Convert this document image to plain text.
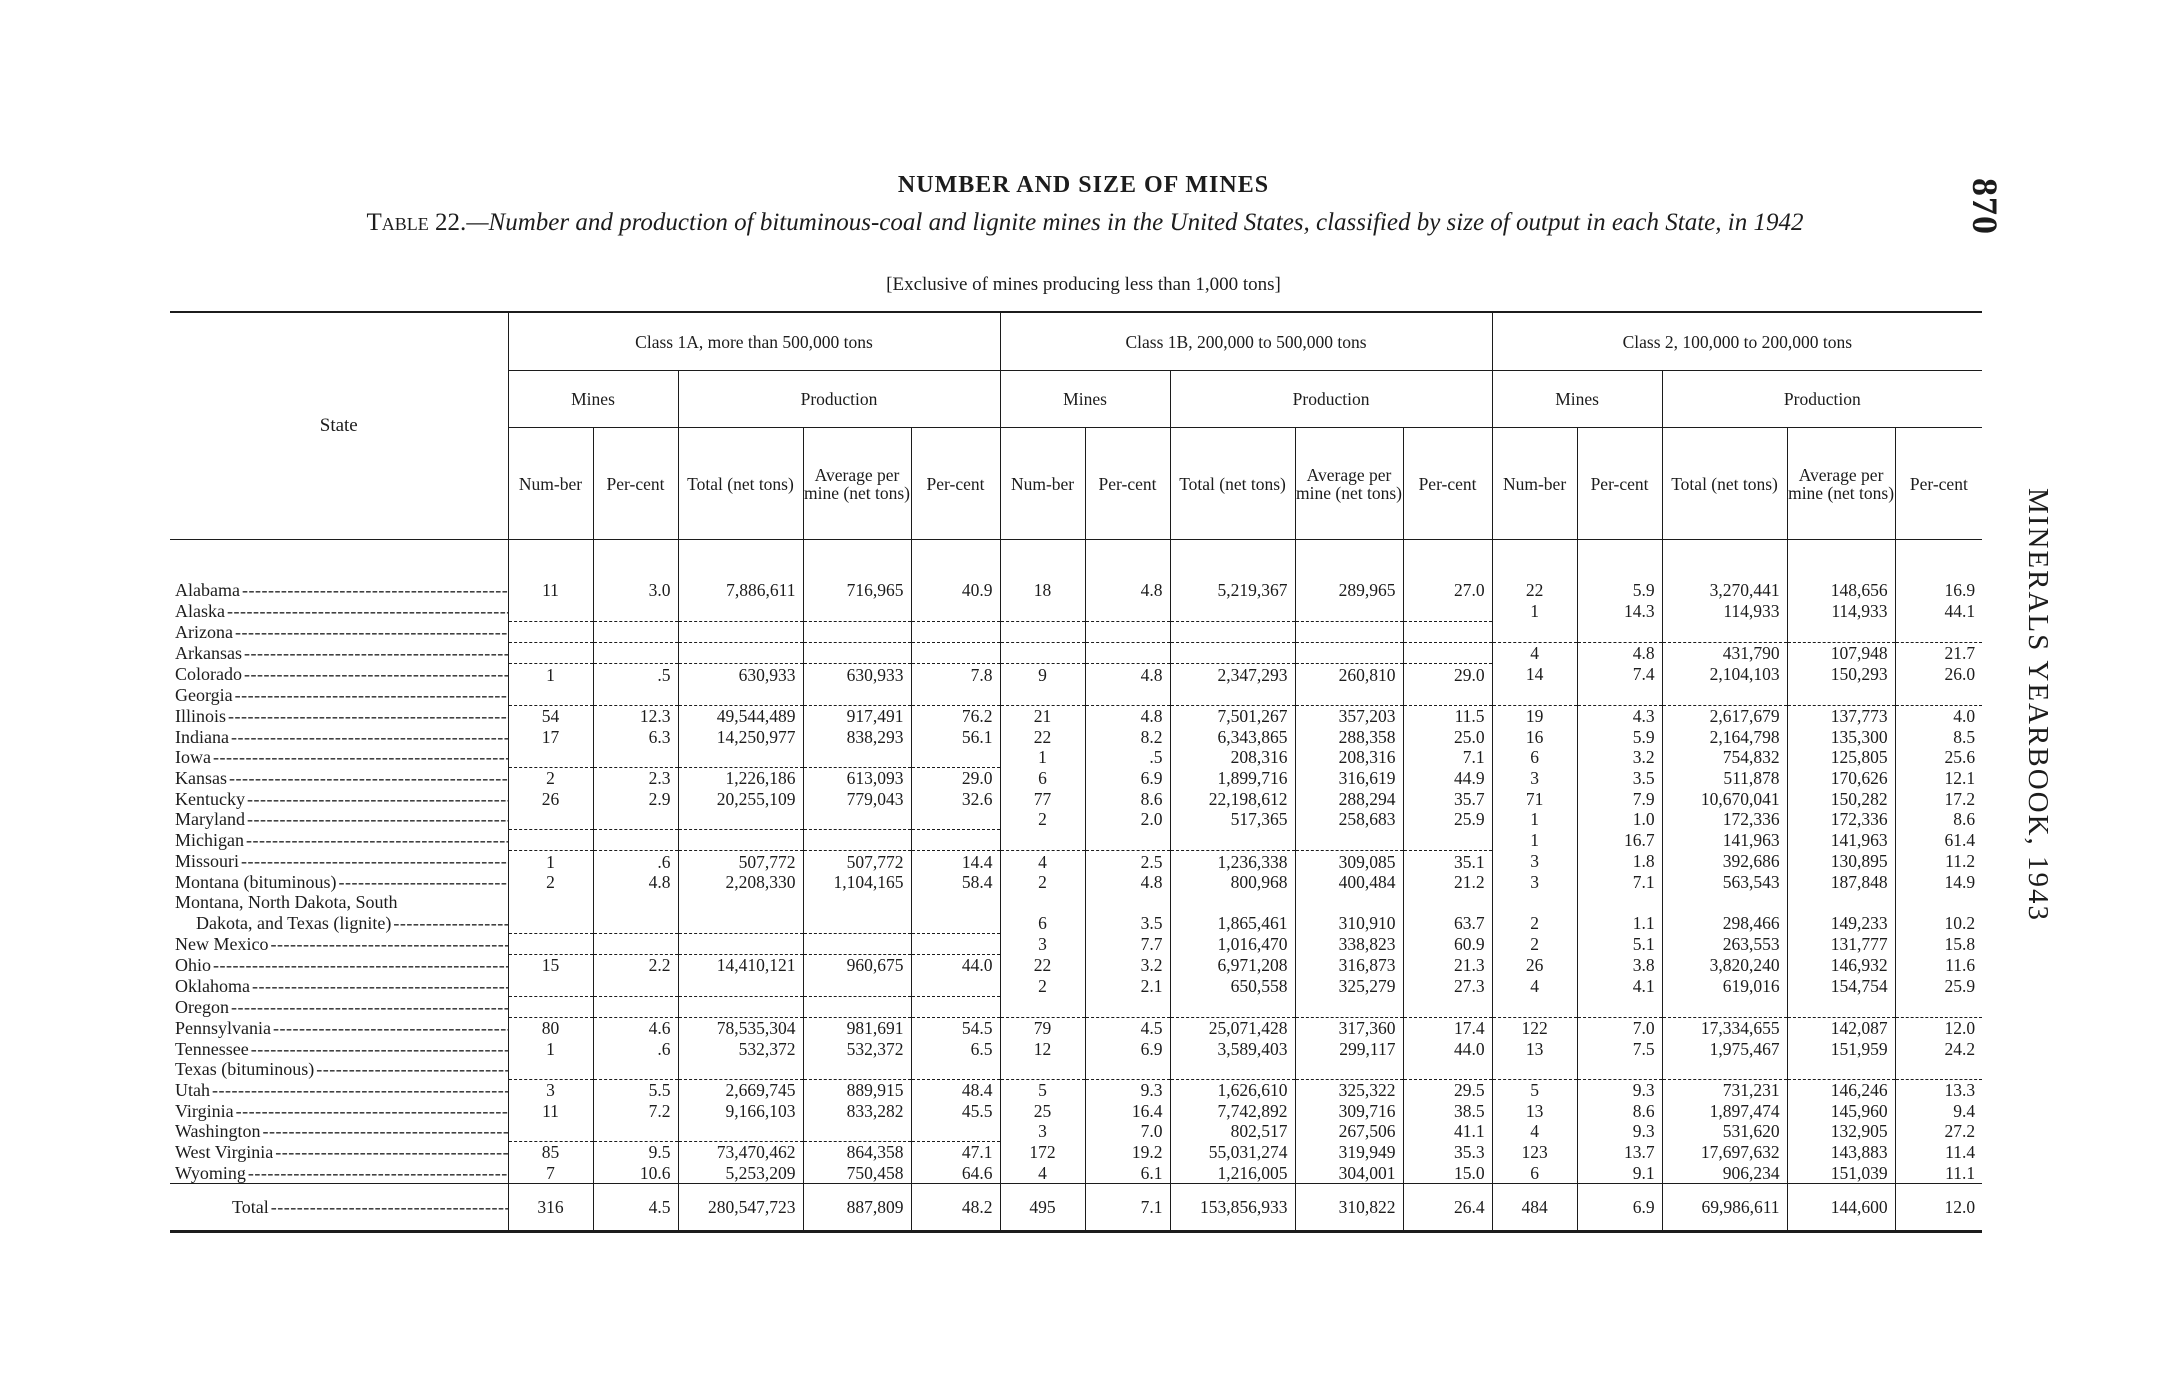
870
MINERALS YEARBOOK, 1943
NUMBER AND SIZE OF MINES
Table 22.—Number and production of bituminous-coal and lignite mines in the United States, classified by size of output in each State, in 1942
[Exclusive of mines producing less than 1,000 tons]
State	Class 1A, more than 500,000 tons					Class 1B, 200,000 to 500,000 tons					Class 2, 100,000 to 200,000 tons				
	Mines		Production			Mines		Production			Mines		Production		
	Num-ber	Per-cent	Total (net tons)	Average per mine (net tons)	Per-cent	Num-ber	Per-cent	Total (net tons)	Average per mine (net tons)	Per-cent	Num-ber	Per-cent	Total (net tons)	Average per mine (net tons)	Per-cent
Alabama -----	11	3.0	7,886,611	716,965	40.9	18	4.8	5,219,367	289,965	27.0	22	5.9	3,270,441	148,656	16.9
Alaska -----											1	14.3	114,933	114,933	44.1
Arizona -----															
Arkansas -----											4	4.8	431,790	107,948	21.7
Colorado -----	1	.5	630,933	630,933	7.8	9	4.8	2,347,293	260,810	29.0	14	7.4	2,104,103	150,293	26.0
Georgia -----															
Illinois -----	54	12.3	49,544,489	917,491	76.2	21	4.8	7,501,267	357,203	11.5	19	4.3	2,617,679	137,773	4.0
Indiana -----	17	6.3	14,250,977	838,293	56.1	22	8.2	6,343,865	288,358	25.0	16	5.9	2,164,798	135,300	8.5
Iowa -----						1	.5	208,316	208,316	7.1	6	3.2	754,832	125,805	25.6
Kansas -----	2	2.3	1,226,186	613,093	29.0	6	6.9	1,899,716	316,619	44.9	3	3.5	511,878	170,626	12.1
Kentucky -----	26	2.9	20,255,109	779,043	32.6	77	8.6	22,198,612	288,294	35.7	71	7.9	10,670,041	150,282	17.2
Maryland -----						2	2.0	517,365	258,683	25.9	1	1.0	172,336	172,336	8.6
Michigan -----											1	16.7	141,963	141,963	61.4
Missouri -----	1	.6	507,772	507,772	14.4	4	2.5	1,236,338	309,085	35.1	3	1.8	392,686	130,895	11.2
Montana (bituminous) -----	2	4.8	2,208,330	1,104,165	58.4	2	4.8	800,968	400,484	21.2	3	7.1	563,543	187,848	14.9
Montana, North Dakota, South															
Dakota, and Texas (lignite) -----						6	3.5	1,865,461	310,910	63.7	2	1.1	298,466	149,233	10.2
New Mexico -----						3	7.7	1,016,470	338,823	60.9	2	5.1	263,553	131,777	15.8
Ohio -----	15	2.2	14,410,121	960,675	44.0	22	3.2	6,971,208	316,873	21.3	26	3.8	3,820,240	146,932	11.6
Oklahoma -----						2	2.1	650,558	325,279	27.3	4	4.1	619,016	154,754	25.9
Oregon -----															
Pennsylvania -----	80	4.6	78,535,304	981,691	54.5	79	4.5	25,071,428	317,360	17.4	122	7.0	17,334,655	142,087	12.0
Tennessee -----	1	.6	532,372	532,372	6.5	12	6.9	3,589,403	299,117	44.0	13	7.5	1,975,467	151,959	24.2
Texas (bituminous) -----															
Utah -----	3	5.5	2,669,745	889,915	48.4	5	9.3	1,626,610	325,322	29.5	5	9.3	731,231	146,246	13.3
Virginia -----	11	7.2	9,166,103	833,282	45.5	25	16.4	7,742,892	309,716	38.5	13	8.6	1,897,474	145,960	9.4
Washington -----						3	7.0	802,517	267,506	41.1	4	9.3	531,620	132,905	27.2
West Virginia -----	85	9.5	73,470,462	864,358	47.1	172	19.2	55,031,274	319,949	35.3	123	13.7	17,697,632	143,883	11.4
Wyoming -----	7	10.6	5,253,209	750,458	64.6	4	6.1	1,216,005	304,001	15.0	6	9.1	906,234	151,039	11.1
Total -----	316	4.5	280,547,723	887,809	48.2	495	7.1	153,856,933	310,822	26.4	484	6.9	69,986,611	144,600	12.0
